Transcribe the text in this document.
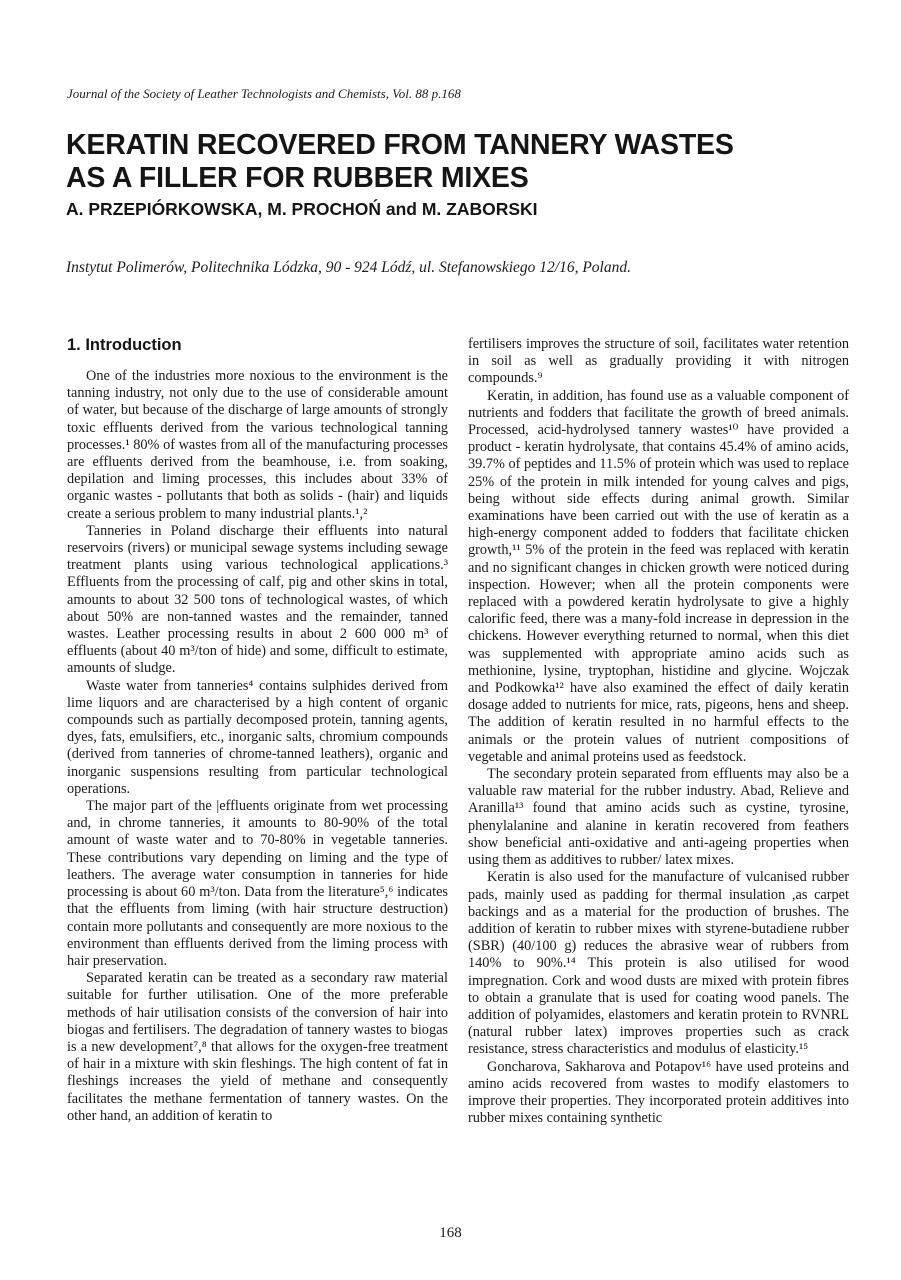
Journal of the Society of Leather Technologists and Chemists, Vol. 88 p.168
KERATIN RECOVERED FROM TANNERY WASTES
AS A FILLER FOR RUBBER MIXES
A. PRZEPIÓRKOWSKA, M. PROCHOŃ and M. ZABORSKI
Instytut Polimerów, Politechnika Lódzka, 90 - 924 Lódź, ul. Stefanowskiego 12/16, Poland.
1. Introduction

One of the industries more noxious to the environment is the tanning industry, not only due to the use of considerable amount of water, but because of the discharge of large amounts of strongly toxic effluents derived from the various technological tanning processes.¹ 80% of wastes from all of the manufacturing processes are effluents derived from the beamhouse, i.e. from soaking, depilation and liming processes, this includes about 33% of organic wastes - pollutants that both as solids - (hair) and liquids create a serious problem to many industrial plants.¹,²

Tanneries in Poland discharge their effluents into natural reservoirs (rivers) or municipal sewage systems including sewage treatment plants using various technological applications.³ Effluents from the processing of calf, pig and other skins in total, amounts to about 32 500 tons of technological wastes, of which about 50% are non-tanned wastes and the remainder, tanned wastes. Leather processing results in about 2 600 000 m³ of effluents (about 40 m³/ton of hide) and some, difficult to estimate, amounts of sludge.

Waste water from tanneries⁴ contains sulphides derived from lime liquors and are characterised by a high content of organic compounds such as partially decomposed protein, tanning agents, dyes, fats, emulsifiers, etc., inorganic salts, chromium compounds (derived from tanneries of chrome-tanned leathers), organic and inorganic suspensions resulting from particular technological operations.

The major part of the |effluents originate from wet processing and, in chrome tanneries, it amounts to 80-90% of the total amount of waste water and to 70-80% in vegetable tanneries. These contributions vary depending on liming and the type of leathers. The average water consumption in tanneries for hide processing is about 60 m³/ton. Data from the literature⁵,⁶ indicates that the effluents from liming (with hair structure destruction) contain more pollutants and consequently are more noxious to the environment than effluents derived from the liming process with hair preservation.

Separated keratin can be treated as a secondary raw material suitable for further utilisation. One of the more preferable methods of hair utilisation consists of the conversion of hair into biogas and fertilisers. The degradation of tannery wastes to biogas is a new development⁷,⁸ that allows for the oxygen-free treatment of hair in a mixture with skin fleshings. The high content of fat in fleshings increases the yield of methane and consequently facilitates the methane fermentation of tannery wastes. On the other hand, an addition of keratin to

fertilisers improves the structure of soil, facilitates water retention in soil as well as gradually providing it with nitrogen compounds.⁹

Keratin, in addition, has found use as a valuable component of nutrients and fodders that facilitate the growth of breed animals. Processed, acid-hydrolysed tannery wastes¹⁰ have provided a product - keratin hydrolysate, that contains 45.4% of amino acids, 39.7% of peptides and 11.5% of protein which was used to replace 25% of the protein in milk intended for young calves and pigs, being without side effects during animal growth. Similar examinations have been carried out with the use of keratin as a high-energy component added to fodders that facilitate chicken growth,¹¹ 5% of the protein in the feed was replaced with keratin and no significant changes in chicken growth were noticed during inspection. However; when all the protein components were replaced with a powdered keratin hydrolysate to give a highly calorific feed, there was a many-fold increase in depression in the chickens. However everything returned to normal, when this diet was supplemented with appropriate amino acids such as methionine, lysine, tryptophan, histidine and glycine. Wojczak and Podkowka¹² have also examined the effect of daily keratin dosage added to nutrients for mice, rats, pigeons, hens and sheep. The addition of keratin resulted in no harmful effects to the animals or the protein values of nutrient compositions of vegetable and animal proteins used as feedstock.

The secondary protein separated from effluents may also be a valuable raw material for the rubber industry. Abad, Relieve and Aranilla¹³ found that amino acids such as cystine, tyrosine, phenylalanine and alanine in keratin recovered from feathers show beneficial anti-oxidative and anti-ageing properties when using them as additives to rubber/ latex mixes.

Keratin is also used for the manufacture of vulcanised rubber pads, mainly used as padding for thermal insulation ,as carpet backings and as a material for the production of brushes. The addition of keratin to rubber mixes with styrene-butadiene rubber (SBR) (40/100 g) reduces the abrasive wear of rubbers from 140% to 90%.¹⁴ This protein is also utilised for wood impregnation. Cork and wood dusts are mixed with protein fibres to obtain a granulate that is used for coating wood panels. The addition of polyamides, elastomers and keratin protein to RVNRL (natural rubber latex) improves properties such as crack resistance, stress characteristics and modulus of elasticity.¹⁵

Goncharova, Sakharova and Potapov¹⁶ have used proteins and amino acids recovered from wastes to modify elastomers to improve their properties. They incorporated protein additives into rubber mixes containing synthetic

168
